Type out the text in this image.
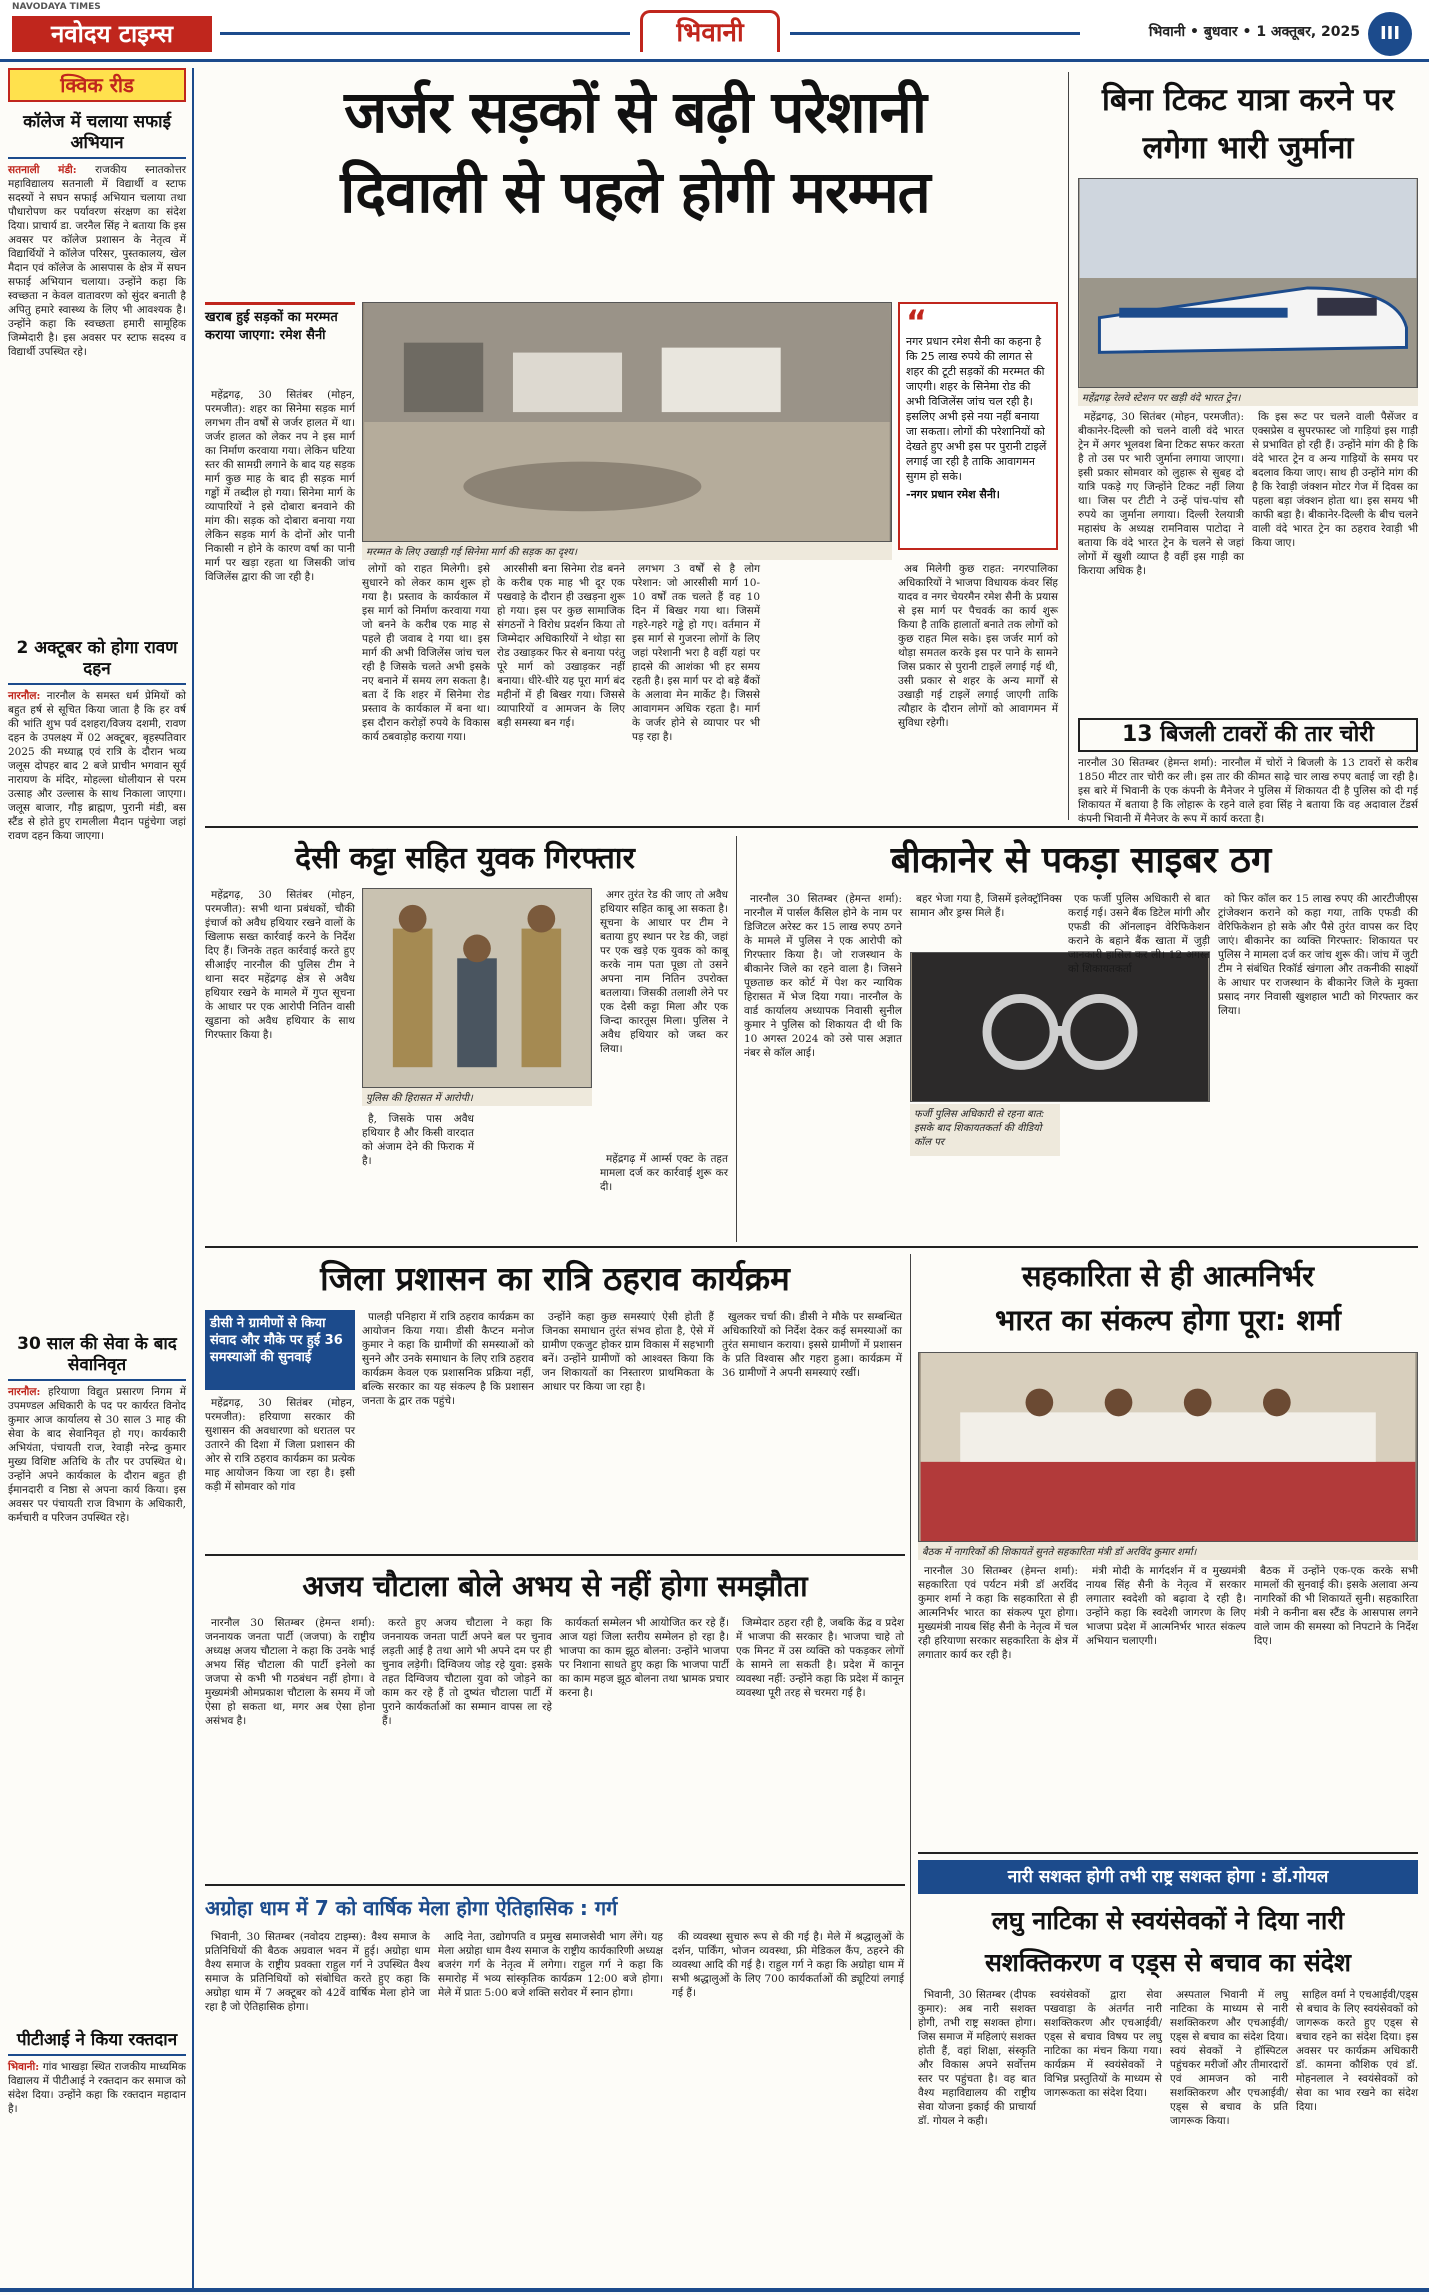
NAVODAYA TIMES
नवोदय टाइम्स	भिवानी	भिवानी • बुधवार • 1 अक्तूबर, 2025	III
क्विक रीड
कॉलेज में चलाया सफाई अभियान
सतनाली मंडी: राजकीय स्नातकोत्तर महाविद्यालय सतनाली में विद्यार्थी व स्टाफ सदस्यों ने सघन सफाई अभियान चलाया तथा पौधारोपण कर पर्यावरण संरक्षण का संदेश दिया। प्राचार्य डा. जरनैल सिंह ने बताया कि इस अवसर पर कॉलेज प्रशासन के नेतृत्व में विद्यार्थियों ने कॉलेज परिसर, पुस्तकालय, खेल मैदान एवं कॉलेज के आसपास के क्षेत्र में सघन सफाई अभियान चलाया। उन्होंने कहा कि स्वच्छता न केवल वातावरण को सुंदर बनाती है अपितु हमारे स्वास्थ्य के लिए भी आवश्यक है। उन्होंने कहा कि स्वच्छता हमारी सामूहिक जिम्मेदारी है। इस अवसर पर स्टाफ सदस्य व विद्यार्थी उपस्थित रहे।
2 अक्टूबर को होगा रावण दहन
नारनौल: नारनौल के समस्त धर्म प्रेमियों को बहुत हर्ष से सूचित किया जाता है कि हर वर्ष की भांति शुभ पर्व दशहरा/विजय दशमी, रावण दहन के उपलक्ष्य में 02 अक्टूबर, बृहस्पतिवार 2025 की मध्याह्न एवं रात्रि के दौरान भव्य जलूस दोपहर बाद 2 बजे प्राचीन भगवान सूर्य नारायण के मंदिर, मोहल्ला धोलीयान से परम उत्साह और उल्लास के साथ निकाला जाएगा। जलूस बाजार, गौड़ ब्राह्मण, पुरानी मंडी, बस स्टैंड से होते हुए रामलीला मैदान पहुंचेगा जहां रावण दहन किया जाएगा।
30 साल की सेवा के बाद सेवानिवृत
नारनौल: हरियाणा विद्युत प्रसारण निगम में उपमण्डल अधिकारी के पद पर कार्यरत विनोद कुमार आज कार्यालय से 30 साल 3 माह की सेवा के बाद सेवानिवृत हो गए। कार्यकारी अभियंता, पंचायती राज, रेवाड़ी नरेन्द्र कुमार मुख्य विशिष्ट अतिथि के तौर पर उपस्थित थे। उन्होंने अपने कार्यकाल के दौरान बहुत ही ईमानदारी व निष्ठा से अपना कार्य किया। इस अवसर पर पंचायती राज विभाग के अधिकारी, कर्मचारी व परिजन उपस्थित रहे।
पीटीआई ने किया रक्तदान
भिवानी: गांव भाखड़ा स्थित राजकीय माध्यमिक विद्यालय में पीटीआई ने रक्तदान कर समाज को संदेश दिया। उन्होंने कहा कि रक्तदान महादान है।
जर्जर सड़कों से बढ़ी परेशानी
दिवाली से पहले होगी मरम्मत
खराब हुई सड़कों का मरम्मत कराया जाएगा: रमेश सैनी

महेंद्रगढ़, 30 सितंबर (मोहन, परमजीत): शहर का सिनेमा सड़क मार्ग लगभग तीन वर्षों से जर्जर हालत में था। जर्जर हालत को लेकर नप ने इस मार्ग का निर्माण करवाया गया। लेकिन घटिया स्तर की सामग्री लगाने के बाद यह सड़क मार्ग कुछ माह के बाद ही सड़क मार्ग गड्ढों में तब्दील हो गया। सिनेमा मार्ग के व्यापारियों ने इसे दोबारा बनवाने की मांग की। सड़क को दोबारा बनाया गया लेकिन सड़क मार्ग के दोनों ओर पानी निकासी न होने के कारण वर्षा का पानी मार्ग पर खड़ा रहता था जिसकी जांच विजिलेंस द्वारा की जा रही है।

मरम्मत के लिए उखाड़ी गई सिनेमा मार्ग की सड़क का दृश्य।

लोगों को राहत मिलेगी। इसे सुधारने को लेकर काम शुरू हो गया है। प्रस्ताव के कार्यकाल में इस मार्ग को निर्माण करवाया गया जो बनने के करीब एक माह से पहले ही जवाब दे गया था। इस मार्ग की अभी विजिलेंस जांच चल रही है जिसके चलते अभी इसके नए बनाने में समय लग सकता है। बता दें कि शहर में सिनेमा रोड प्रस्ताव के कार्यकाल में बना था। इस दौरान करोड़ों रुपये के विकास कार्य ठबवाड़ोह कराया गया।

आरसीसी बना सिनेमा रोड बनने के करीब एक माह भी दूर एक पखवाड़े के दौरान ही उखड़ना शुरू हो गया। इस पर कुछ सामाजिक संगठनों ने विरोध प्रदर्शन किया तो जिम्मेदार अधिकारियों ने थोड़ा सा रोड उखाड़कर फिर से बनाया परंतु पूरे मार्ग को उखाड़कर नहीं बनाया। धीरे-धीरे यह पूरा मार्ग बंद महीनों में ही बिखर गया। जिससे व्यापारियों व आमजन के लिए बड़ी समस्या बन गई।

लगभग 3 वर्षों से है लोग परेशान: जो आरसीसी मार्ग 10-10 वर्षों तक चलते हैं वह 10 दिन में बिखर गया था। जिसमें गहरे-गहरे गड्ढे हो गए। वर्तमान में इस मार्ग से गुजरना लोगों के लिए जहां परेशानी भरा है वहीं यहां पर हादसे की आशंका भी हर समय रहती है। इस मार्ग पर दो बड़े बैंकों के अलावा मेन मार्केट है। जिससे आवागमन अधिक रहता है। मार्ग के जर्जर होने से व्यापार पर भी पड़ रहा है।

“
नगर प्रधान रमेश सैनी का कहना है कि 25 लाख रुपये की लागत से शहर की टूटी सड़कों की मरम्मत की जाएगी। शहर के सिनेमा रोड की अभी विजिलेंस जांच चल रही है। इसलिए अभी इसे नया नहीं बनाया जा सकता। लोगों की परेशानियों को देखते हुए अभी इस पर पुरानी टाइलें लगाई जा रही है ताकि आवागमन सुगम हो सके।
-नगर प्रधान रमेश सैनी।

अब मिलेगी कुछ राहत: नगरपालिका अधिकारियों ने भाजपा विधायक कंवर सिंह यादव व नगर चेयरमैन रमेश सैनी के प्रयास से इस मार्ग पर पैचवर्क का कार्य शुरू किया है ताकि हालातों बनाते तक लोगों को कुछ राहत मिल सके। इस जर्जर मार्ग को थोड़ा समतल करके इस पर पाने के सामने जिस प्रकार से पुरानी टाइलें लगाई गई थी, उसी प्रकार से शहर के अन्य मार्गों से उखाड़ी गई टाइलें लगाई जाएगी ताकि त्यौहार के दौरान लोगों को आवागमन में सुविधा रहेगी।

बिना टिकट यात्रा करने पर लगेगा भारी जुर्माना
महेंद्रगढ़ रेलवे स्टेशन पर खड़ी वंदे भारत ट्रेन।

महेंद्रगढ़, 30 सितंबर (मोहन, परमजीत): बीकानेर-दिल्ली को चलने वाली वंदे भारत ट्रेन में अगर भूलवश बिना टिकट सफर करता है तो उस पर भारी जुर्माना लगाया जाएगा। इसी प्रकार सोमवार को लुहारू से सुबह दो यात्रि पकड़े गए जिन्होंने टिकट नहीं लिया था। जिस पर टीटी ने उन्हें पांच-पांच सौ रुपये का जुर्माना लगाया। दिल्ली रेलयात्री महासंघ के अध्यक्ष रामनिवास पाटोदा ने बताया कि वंदे भारत ट्रेन के चलने से जहां लोगों में खुशी व्याप्त है वहीं इस गाड़ी का किराया अधिक है।

कि इस रूट पर चलने वाली पैसेंजर व एक्सप्रेस व सुपरफास्ट जो गाड़ियां इस गाड़ी से प्रभावित हो रही हैं। उन्होंने मांग की है कि वंदे भारत ट्रेन व अन्य गाड़ियों के समय पर बदलाव किया जाए। साथ ही उन्होंने मांग की है कि रेवाड़ी जंक्शन मोटर गेज में दिवस का पहला बड़ा जंक्शन होता था। इस समय भी काफी बड़ा है। बीकानेर-दिल्ली के बीच चलने वाली वंदे भारत ट्रेन का ठहराव रेवाड़ी भी किया जाए।

13 बिजली टावरों की तार चोरी
नारनौल 30 सितम्बर (हेमन्त शर्मा): नारनौल में चोरों ने बिजली के 13 टावरों से करीब 1850 मीटर तार चोरी कर ली। इस तार की कीमत साढ़े चार लाख रुपए बताई जा रही है। इस बारे में भिवानी के एक कंपनी के मैनेजर ने पुलिस में शिकायत दी है पुलिस को दी गई शिकायत में बताया है कि लोहारू के रहने वाले हवा सिंह ने बताया कि वह अदावाल टेंडर्स कंपनी भिवानी में मैनेजर के रूप में कार्य करता है।
देसी कट्टा सहित युवक गिरफ्तार

महेंद्रगढ़, 30 सितंबर (मोहन, परमजीत): सभी थाना प्रबंधकों, चौकी इंचार्ज को अवैध हथियार रखने वालों के खिलाफ सख्त कार्रवाई करने के निर्देश दिए हैं। जिनके तहत कार्रवाई करते हुए सीआईए नारनौल की पुलिस टीम ने थाना सदर महेंद्रगढ़ क्षेत्र से अवैध हथियार रखने के मामले में गुप्त सूचना के आधार पर एक आरोपी नितिन वासी खुडाना को अवैध हथियार के साथ गिरफ्तार किया है।

पुलिस की हिरासत में आरोपी।

अगर तुरंत रेड की जाए तो अवैध हथियार सहित काबू आ सकता है। सूचना के आधार पर टीम ने बताया हुए स्थान पर रेड की, जहां पर एक खड़े एक युवक को काबू करके नाम पता पूछा तो उसने अपना नाम नितिन उपरोक्त बतलाया। जिसकी तलाशी लेने पर एक देसी कट्टा मिला और एक जिन्दा कारतूस मिला। पुलिस ने अवैध हथियार को जब्त कर लिया।

है, जिसके पास अवैध हथियार है और किसी वारदात को अंजाम देने की फिराक में है।	महेंद्रगढ़ में आर्म्स एक्ट के तहत मामला दर्ज कर कार्रवाई शुरू कर दी।

बीकानेर से पकड़ा साइबर ठग

नारनौल 30 सितम्बर (हेमन्त शर्मा): नारनौल में पार्सल कैंसिल होने के नाम पर डिजिटल अरेस्ट कर 15 लाख रुपए ठगने के मामले में पुलिस ने एक आरोपी को गिरफ्तार किया है। जो राजस्थान के बीकानेर जिले का रहने वाला है। जिसने पूछताछ कर कोर्ट में पेश कर न्यायिक हिरासत में भेज दिया गया। नारनौल के वार्ड कार्यालय अध्यापक निवासी सुनील कुमार ने पुलिस को शिकायत दी थी कि 10 अगस्त 2024 को उसे पास अज्ञात नंबर से कॉल आई।

बहर भेजा गया है, जिसमें इलेक्ट्रॉनिक्स सामान और ड्रग्स मिले हैं।

फर्जी पुलिस अधिकारी से रहना बात: इसके बाद शिकायतकर्ता की वीडियो कॉल पर

एक फर्जी पुलिस अधिकारी से बात कराई गई। उसने बैंक डिटेल मांगी और एफडी की ऑनलाइन वेरिफिकेशन कराने के बहाने बैंक खाता में जुड़ी जानकारी हासिल कर ली। 12 अगस्त को शिकायतकर्ता

को फिर कॉल कर 15 लाख रुपए की आरटीजीएस ट्रांजेक्शन कराने को कहा गया, ताकि एफडी की वेरिफिकेशन हो सके और पैसे तुरंत वापस कर दिए जाएं। बीकानेर का व्यक्ति गिरफ्तार: शिकायत पर पुलिस ने मामला दर्ज कर जांच शुरू की। जांच में जुटी टीम ने संबंधित रिकॉर्ड खंगाला और तकनीकी साक्ष्यों के आधार पर राजस्थान के बीकानेर जिले के मुक्ता प्रसाद नगर निवासी खुशहाल भाटी को गिरफ्तार कर लिया।

जिला प्रशासन का रात्रि ठहराव कार्यक्रम
डीसी ने ग्रामीणों से किया संवाद और मौके पर हुई 36 समस्याओं की सुनवाई

महेंद्रगढ़, 30 सितंबर (मोहन, परमजीत): हरियाणा सरकार की सुशासन की अवधारणा को धरातल पर उतारने की दिशा में जिला प्रशासन की ओर से रात्रि ठहराव कार्यक्रम का प्रत्येक माह आयोजन किया जा रहा है। इसी कड़ी में सोमवार को गांव

पालड़ी पनिहारा में रात्रि ठहराव कार्यक्रम का आयोजन किया गया। डीसी कैप्टन मनोज कुमार ने कहा कि ग्रामीणों की समस्याओं को सुनने और उनके समाधान के लिए रात्रि ठहराव कार्यक्रम केवल एक प्रशासनिक प्रक्रिया नहीं, बल्कि सरकार का यह संकल्प है कि प्रशासन जनता के द्वार तक पहुंचे।

उन्होंने कहा कुछ समस्याएं ऐसी होती हैं जिनका समाधान तुरंत संभव होता है, ऐसे में ग्रामीण एकजुट होकर ग्राम विकास में सहभागी बनें। उन्होंने ग्रामीणों को आश्वस्त किया कि जन शिकायतों का निस्तारण प्राथमिकता के आधार पर किया जा रहा है।

खुलकर चर्चा की। डीसी ने मौके पर सम्बन्धित अधिकारियों को निर्देश देकर कई समस्याओं का तुरंत समाधान कराया। इससे ग्रामीणों में प्रशासन के प्रति विश्वास और गहरा हुआ। कार्यक्रम में 36 ग्रामीणों ने अपनी समस्याएं रखीं।

सहकारिता से ही आत्मनिर्भर
भारत का संकल्प होगा पूरा: शर्मा
बैठक में नागरिकों की शिकायतें सुनते सहकारिता मंत्री डॉ अरविंद कुमार शर्मा।

नारनौल 30 सितम्बर (हेमन्त शर्मा): सहकारिता एवं पर्यटन मंत्री डॉ अरविंद कुमार शर्मा ने कहा कि सहकारिता से ही आत्मनिर्भर भारत का संकल्प पूरा होगा। मुख्यमंत्री नायब सिंह सैनी के नेतृत्व में चल रही हरियाणा सरकार सहकारिता के क्षेत्र में लगातार कार्य कर रही है।

मंत्री मोदी के मार्गदर्शन में व मुख्यमंत्री नायब सिंह सैनी के नेतृत्व में सरकार लगातार स्वदेशी को बढ़ावा दे रही है। उन्होंने कहा कि स्वदेशी जागरण के लिए भाजपा प्रदेश में आत्मनिर्भर भारत संकल्प अभियान चलाएगी।

बैठक में उन्होंने एक-एक करके सभी मामलों की सुनवाई की। इसके अलावा अन्य नागरिकों की भी शिकायतें सुनी। सहकारिता मंत्री ने कनीना बस स्टैंड के आसपास लगने वाले जाम की समस्या को निपटाने के निर्देश दिए।

अजय चौटाला बोले अभय से नहीं होगा समझौता

नारनौल 30 सितम्बर (हेमन्त शर्मा): जननायक जनता पार्टी (जजपा) के राष्ट्रीय अध्यक्ष अजय चौटाला ने कहा कि उनके भाई अभय सिंह चौटाला की पार्टी इनेलो का जजपा से कभी भी गठबंधन नहीं होगा। वे मुख्यमंत्री ओमप्रकाश चौटाला के समय में जो ऐसा हो सकता था, मगर अब ऐसा होना असंभव है।

करते हुए अजय चौटाला ने कहा कि जननायक जनता पार्टी अपने बल पर चुनाव लड़ती आई है तथा आगे भी अपने दम पर ही चुनाव लड़ेगी। दिग्विजय जोड़ रहे युवा: इसके तहत दिग्विजय चौटाला युवा को जोड़ने का काम कर रहे हैं तो दुष्यंत चौटाला पार्टी में पुराने कार्यकर्ताओं का सम्मान वापस ला रहे हैं।

कार्यकर्ता सम्मेलन भी आयोजित कर रहे हैं। आज यहां जिला स्तरीय सम्मेलन हो रहा है। भाजपा का काम झूठ बोलना: उन्होंने भाजपा पर निशाना साधते हुए कहा कि भाजपा पार्टी का काम महज झूठ बोलना तथा भ्रामक प्रचार करना है।

जिम्मेदार ठहरा रही है, जबकि केंद्र व प्रदेश में भाजपा की सरकार है। भाजपा चाहे तो एक मिनट में उस व्यक्ति को पकड़कर लोगों के सामने ला सकती है। प्रदेश में कानून व्यवस्था नहीं: उन्होंने कहा कि प्रदेश में कानून व्यवस्था पूरी तरह से चरमरा गई है।

अग्रोहा धाम में 7 को वार्षिक मेला होगा ऐतिहासिक : गर्ग

भिवानी, 30 सितम्बर (नवोदय टाइम्स): वैश्य समाज के प्रतिनिधियों की बैठक अग्रवाल भवन में हुई। अग्रोहा धाम वैश्य समाज के राष्ट्रीय प्रवक्ता राहुल गर्ग ने उपस्थित वैश्य समाज के प्रतिनिधियों को संबोधित करते हुए कहा कि अग्रोहा धाम में 7 अक्टूबर को 42वें वार्षिक मेला होने जा रहा है जो ऐतिहासिक होगा।

आदि नेता, उद्योगपति व प्रमुख समाजसेवी भाग लेंगे। यह मेला अग्रोहा धाम वैश्य समाज के राष्ट्रीय कार्यकारिणी अध्यक्ष बजरंग गर्ग के नेतृत्व में लगेगा। राहुल गर्ग ने कहा कि समारोह में भव्य सांस्कृतिक कार्यक्रम 12:00 बजे होगा। मेले में प्रातः 5:00 बजे शक्ति सरोवर में स्नान होगा।

की व्यवस्था सुचारु रूप से की गई है। मेले में श्रद्धालुओं के दर्शन, पार्किंग, भोजन व्यवस्था, फ्री मेडिकल कैंप, ठहरने की व्यवस्था आदि की गई है। राहुल गर्ग ने कहा कि अग्रोहा धाम में सभी श्रद्धालुओं के लिए 700 कार्यकर्ताओं की ड्यूटियां लगाई गई हैं।

नारी सशक्त होगी तभी राष्ट्र सशक्त होगा : डॉ.गोयल
लघु नाटिका से स्वयंसेवकों ने दिया नारी
सशक्तिकरण व एड्स से बचाव का संदेश

भिवानी, 30 सितम्बर (दीपक कुमार): अब नारी सशक्त होगी, तभी राष्ट्र सशक्त होगा। जिस समाज में महिलाएं सशक्त होती हैं, वहां शिक्षा, संस्कृति और विकास अपने सर्वोत्तम स्तर पर पहुंचता है। वह बात वैश्य महाविद्यालय की राष्ट्रीय सेवा योजना इकाई की प्राचार्या डॉ. गोयल ने कही।

स्वयंसेवकों द्वारा सेवा पखवाड़ा के अंतर्गत नारी सशक्तिकरण और एचआईवी/एड्स से बचाव विषय पर लघु नाटिका का मंचन किया गया। कार्यक्रम में स्वयंसेवकों ने विभिन्न प्रस्तुतियों के माध्यम से जागरूकता का संदेश दिया।

अस्पताल भिवानी में लघु नाटिका के माध्यम से नारी सशक्तिकरण और एचआईवी/एड्स से बचाव का संदेश दिया। स्वयं सेवकों ने हॉस्पिटल पहुंचकर मरीजों और तीमारदारों एवं आमजन को नारी सशक्तिकरण और एचआईवी/एड्स से बचाव के प्रति जागरूक किया।

साहिल वर्मा ने एचआईवी/एड्स से बचाव के लिए स्वयंसेवकों को जागरूक करते हुए एड्स से बचाव रहने का संदेश दिया। इस अवसर पर कार्यक्रम अधिकारी डॉ. कामना कौशिक एवं डॉ. मोहनलाल ने स्वयंसेवकों को सेवा का भाव रखने का संदेश दिया।
